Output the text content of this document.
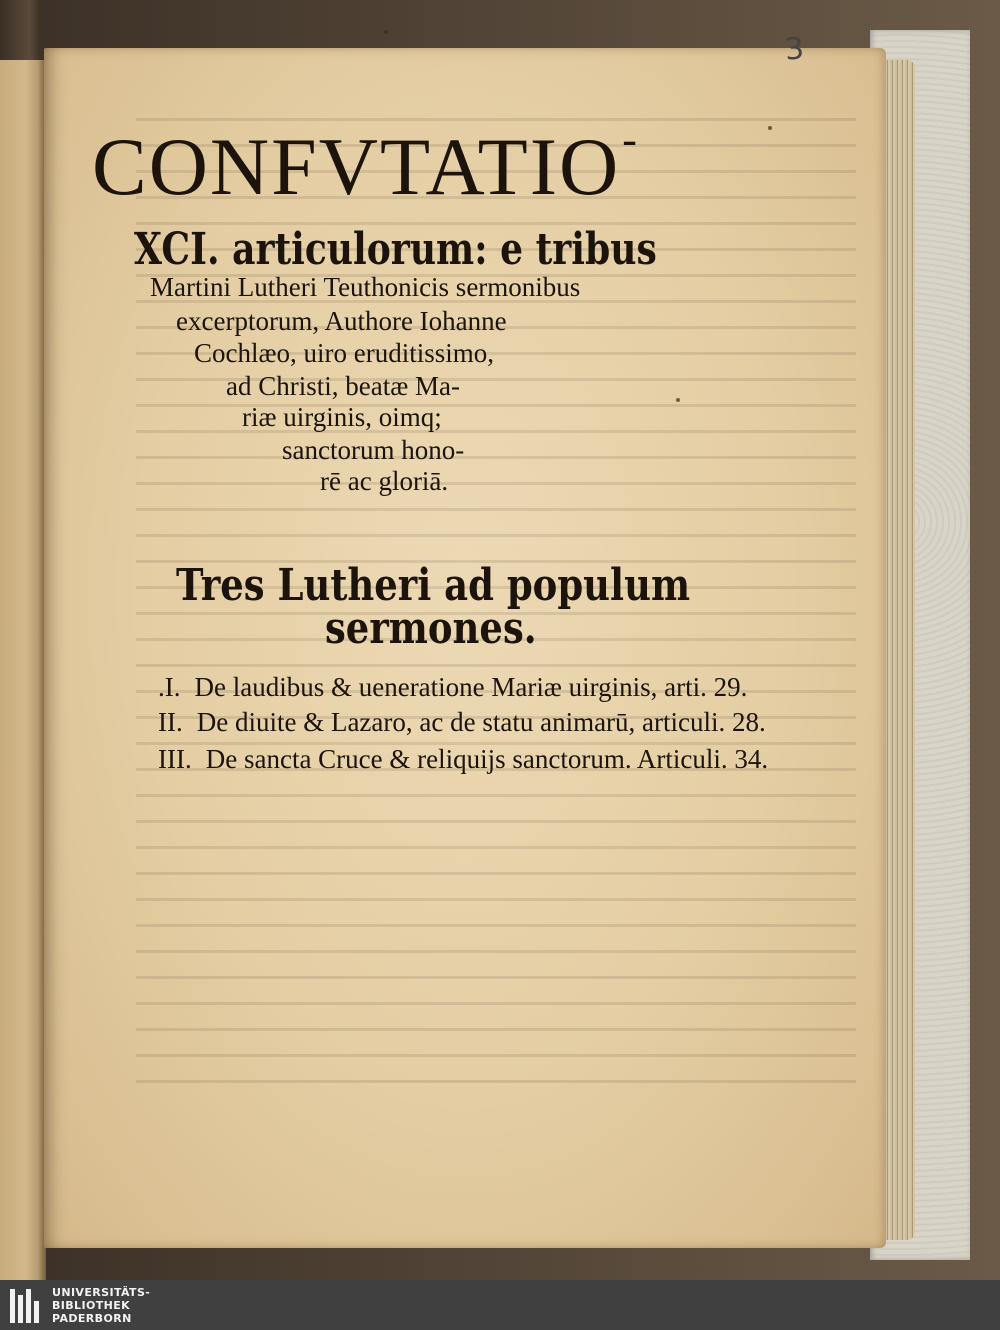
3
CONFVTATIO-
XCI. articulorum: e tribus
Martini Lutheri Teuthonicis sermonibus
excerptorum, Authore Iohanne
Cochlæo, uiro eruditissimo,
ad Christi, beatæ Ma-
riæ uirginis, oimq;
sanctorum hono-
rē ac gloriā.
Tres Lutheri ad populum
sermones.
.I. De laudibus & ueneratione Mariæ uirginis, arti. 29.
II. De diuite & Lazaro, ac de statu animarū, articuli. 28.
III. De sancta Cruce & reliquijs sanctorum. Articuli. 34.
UNIVERSITÄTS-
BIBLIOTHEK
PADERBORN
